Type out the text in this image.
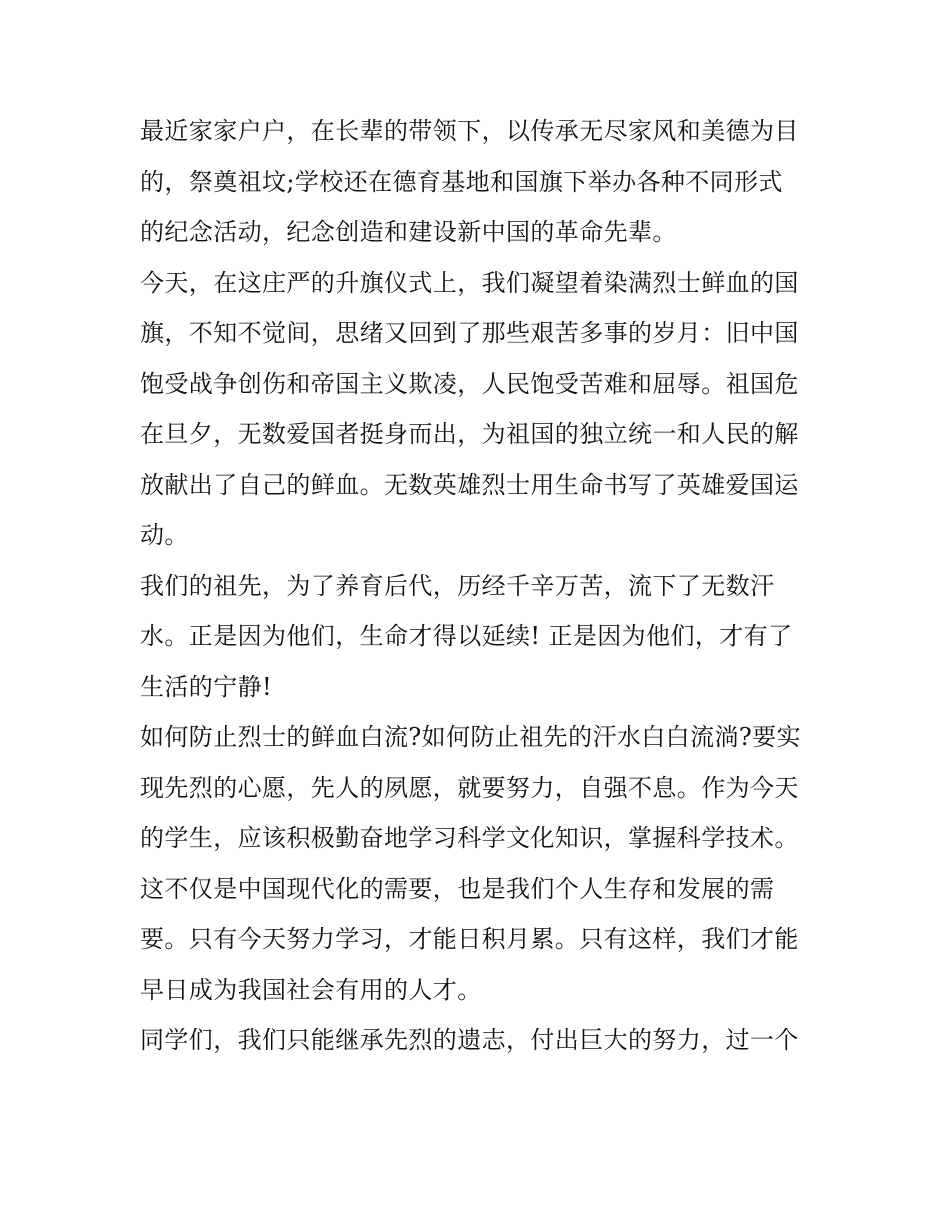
最近家家户户，在长辈的带领下，以传承无尽家风和美德为目
的，祭奠祖坟;学校还在德育基地和国旗下举办各种不同形式
的纪念活动，纪念创造和建设新中国的革命先辈。
今天，在这庄严的升旗仪式上，我们凝望着染满烈士鲜血的国
旗，不知不觉间，思绪又回到了那些艰苦多事的岁月：旧中国
饱受战争创伤和帝国主义欺凌，人民饱受苦难和屈辱。祖国危
在旦夕，无数爱国者挺身而出，为祖国的独立统一和人民的解
放献出了自己的鲜血。无数英雄烈士用生命书写了英雄爱国运
动。
我们的祖先，为了养育后代，历经千辛万苦，流下了无数汗
水。正是因为他们，生命才得以延续! 正是因为他们，才有了
生活的宁静!
如何防止烈士的鲜血白流?如何防止祖先的汗水白白流淌?要实
现先烈的心愿，先人的夙愿，就要努力，自强不息。作为今天
的学生，应该积极勤奋地学习科学文化知识，掌握科学技术。
这不仅是中国现代化的需要，也是我们个人生存和发展的需
要。只有今天努力学习，才能日积月累。只有这样，我们才能
早日成为我国社会有用的人才。
同学们，我们只能继承先烈的遗志，付出巨大的努力，过一个
